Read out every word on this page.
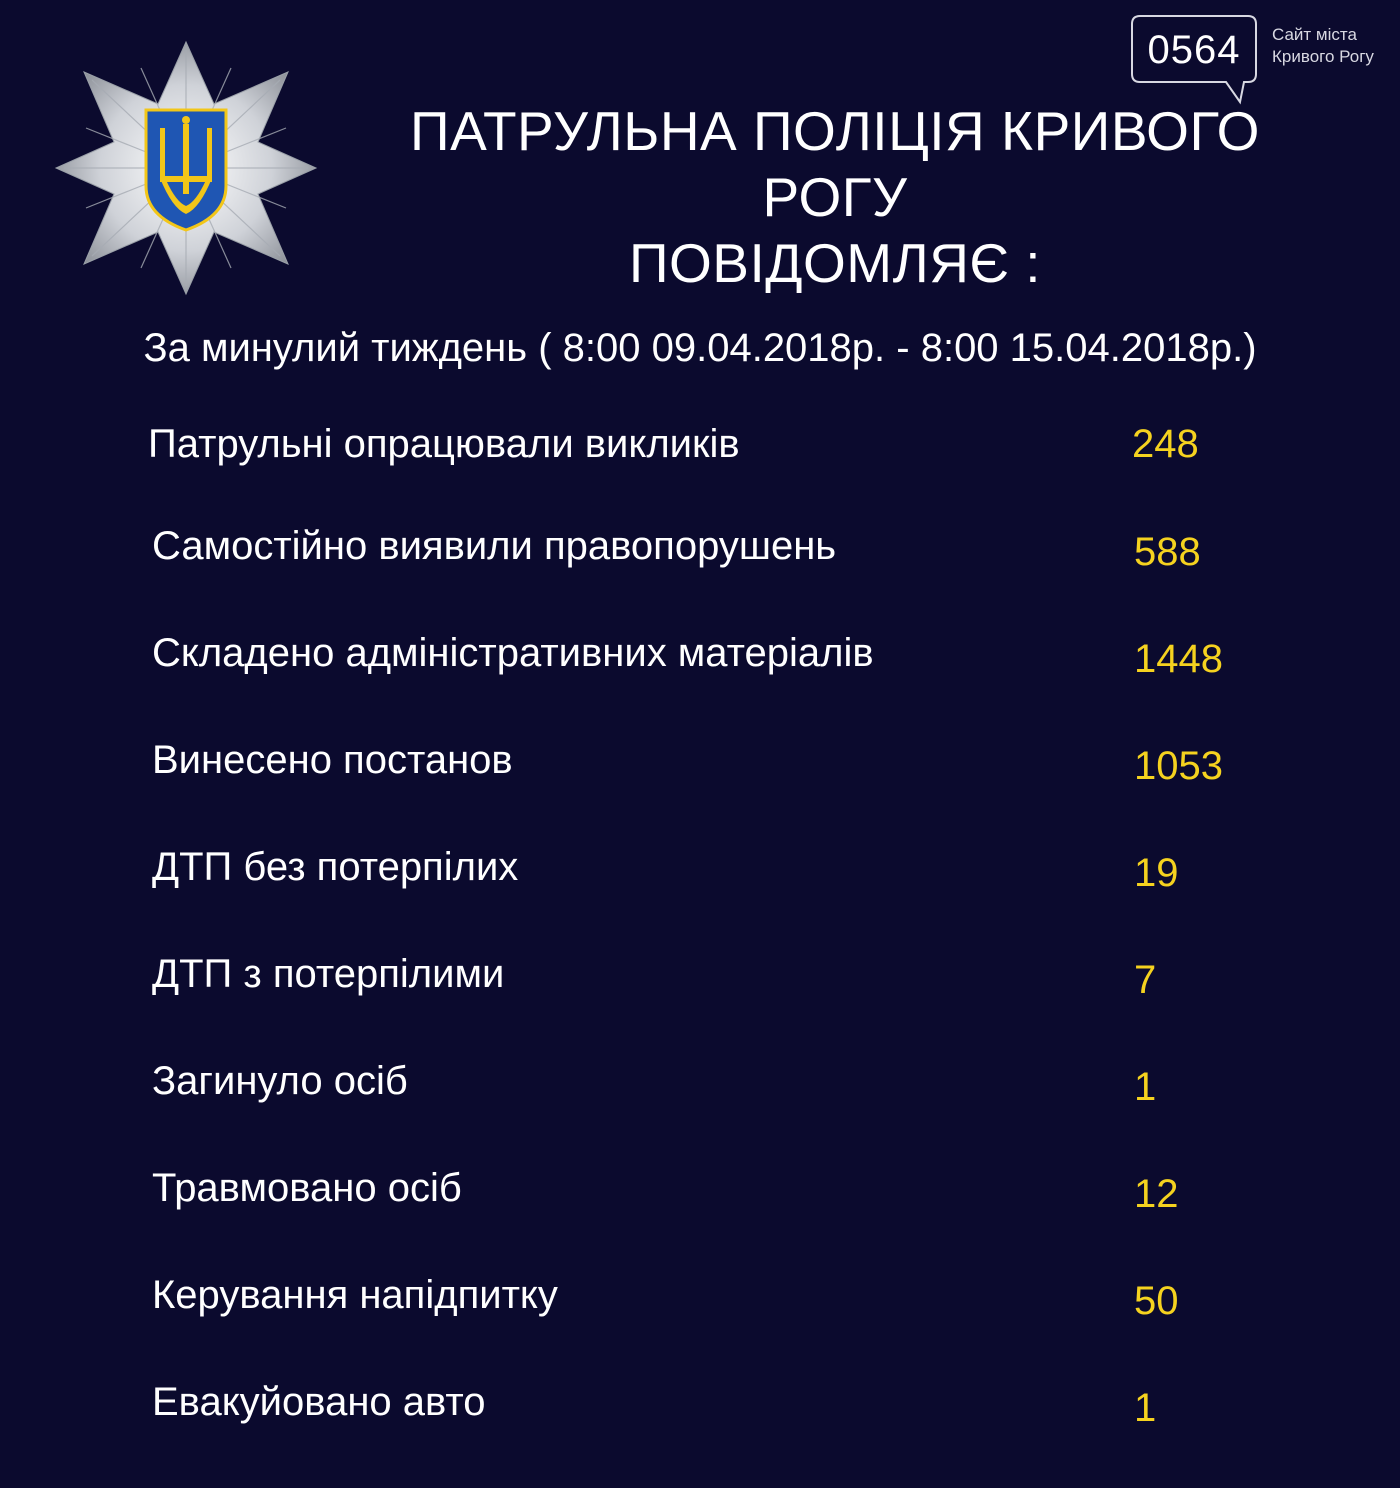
ПАТРУЛЬНА ПОЛІЦІЯ КРИВОГО РОГУ
ПОВІДОМЛЯЄ :
0564	Сайт міста
Кривого Рогу
За минулий тиждень ( 8:00 09.04.2018р. - 8:00 15.04.2018р.)
Патрульні опрацювали викликів	248
Самостійно виявили правопорушень	588
Складено адміністративних матеріалів	1448
Винесено постанов	1053
ДТП без потерпілих	19
ДТП з потерпілими	7
Загинуло осіб	1
Травмовано осіб	12
Керування напідпитку	50
Евакуйовано авто	1
